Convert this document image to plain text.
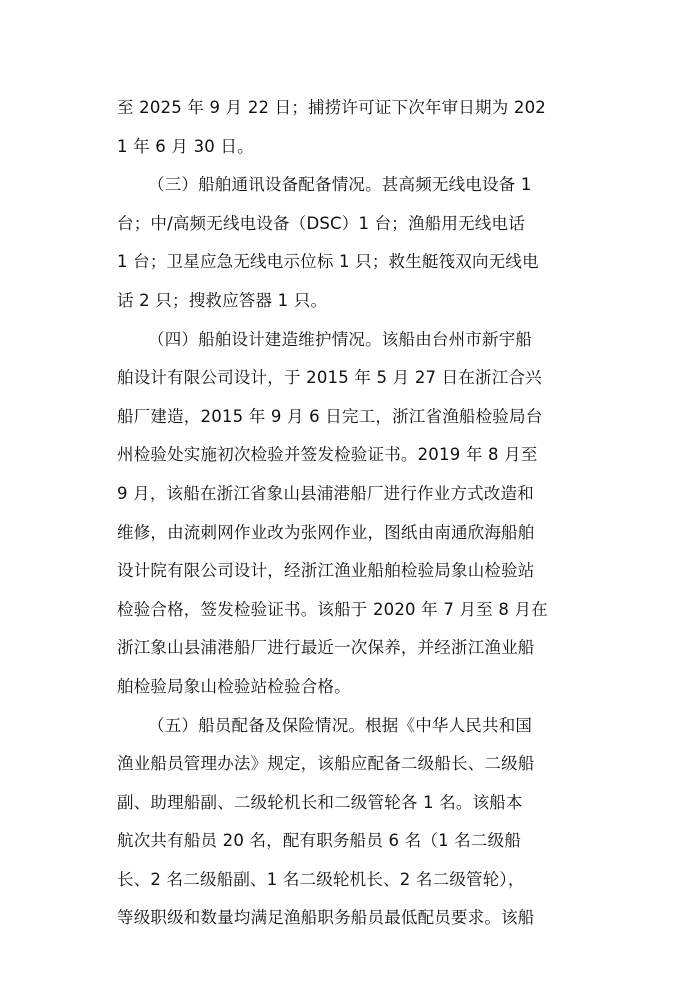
至 2025 年 9 月 22 日；捕捞许可证下次年审日期为 202
1 年 6 月 30 日。
（三）船舶通讯设备配备情况。甚高频无线电设备 1
台；中/高频无线电设备（DSC）1 台；渔船用无线电话
1 台；卫星应急无线电示位标 1 只；救生艇筏双向无线电
话 2 只；搜救应答器 1 只。
（四）船舶设计建造维护情况。该船由台州市新宇船
舶设计有限公司设计，于 2015 年 5 月 27 日在浙江合兴
船厂建造，2015 年 9 月 6 日完工，浙江省渔船检验局台
州检验处实施初次检验并签发检验证书。2019 年 8 月至
9 月，该船在浙江省象山县浦港船厂进行作业方式改造和
维修，由流刺网作业改为张网作业，图纸由南通欣海船舶
设计院有限公司设计，经浙江渔业船舶检验局象山检验站
检验合格，签发检验证书。该船于 2020 年 7 月至 8 月在
浙江象山县浦港船厂进行最近一次保养，并经浙江渔业船
舶检验局象山检验站检验合格。
（五）船员配备及保险情况。根据《中华人民共和国
渔业船员管理办法》规定，该船应配备二级船长、二级船
副、助理船副、二级轮机长和二级管轮各 1 名。该船本
航次共有船员 20 名，配有职务船员 6 名（1 名二级船
长、2 名二级船副、1 名二级轮机长、2 名二级管轮），
等级职级和数量均满足渔船职务船员最低配员要求。该船
